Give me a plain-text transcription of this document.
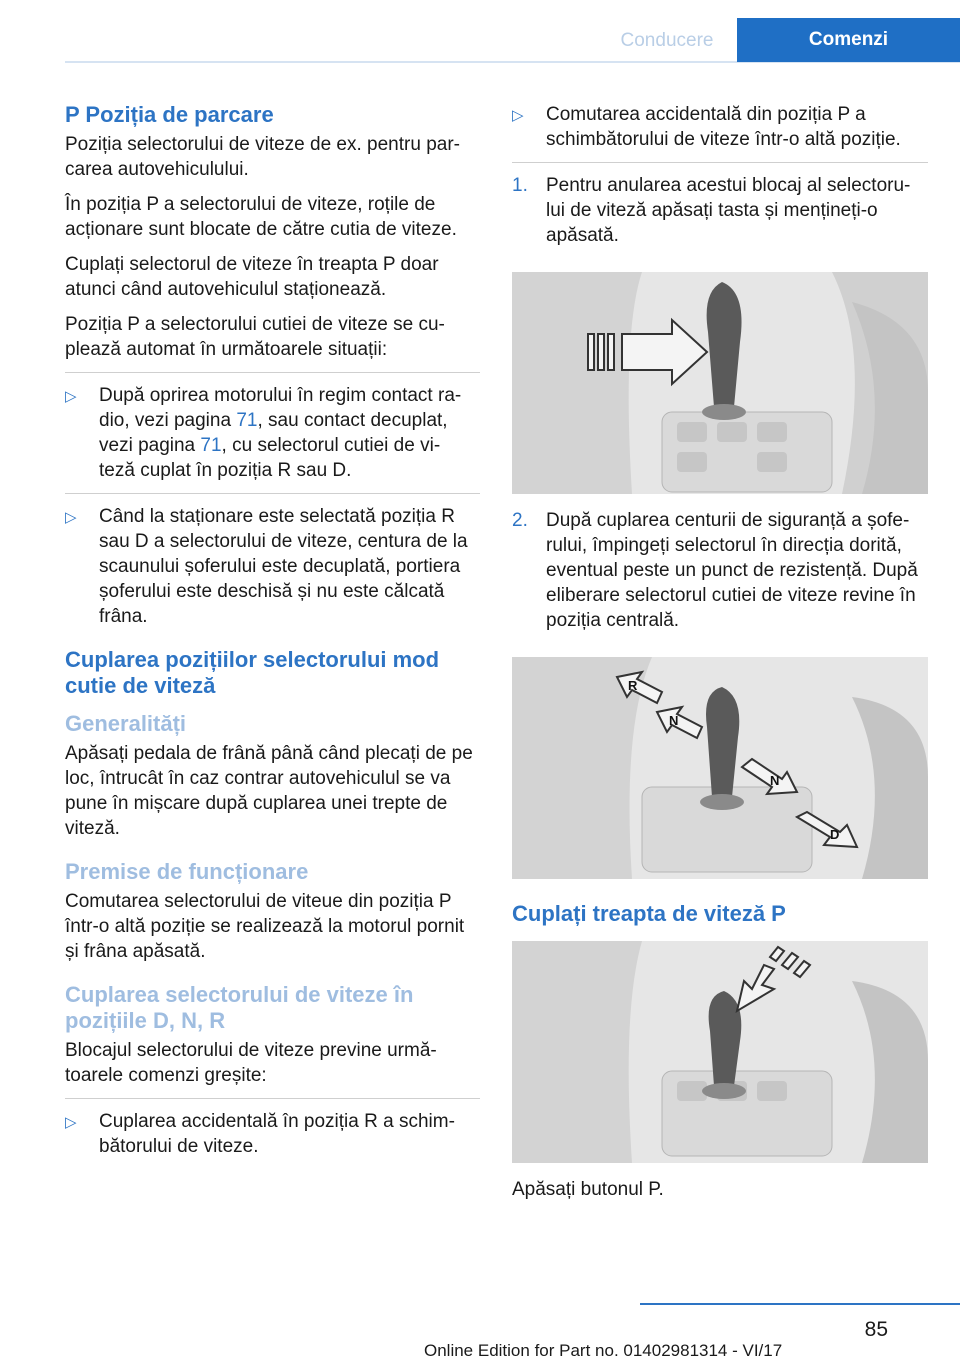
Conducere	Comenzi
P Poziția de parcare
Poziția selectorului de viteze de ex. pentru par‐ carea autovehiculului.
În poziția P a selectorului de viteze, roțile de acționare sunt blocate de către cutia de viteze.
Cuplați selectorul de viteze în treapta P doar atunci când autovehiculul staționează.
Poziția P a selectorului cutiei de viteze se cu‐ plează automat în următoarele situații:
▷	După oprirea motorului în regim contact ra‐ dio, vezi pagina 71, sau contact decuplat, vezi pagina 71, cu selectorul cutiei de vi‐ teză cuplat în poziția R sau D.
▷	Când la staționare este selectată poziția R sau D a selectorului de viteze, centura de la scaunului șoferului este decuplată, portiera șoferului este deschisă și nu este călcată frâna.
Cuplarea pozițiilor selectorului mod cutie de viteză
Generalități
Apăsați pedala de frână până când plecați de pe loc, întrucât în caz contrar autovehiculul se va pune în mișcare după cuplarea unei trepte de viteză.
Premise de funcționare
Comutarea selectorului de viteue din poziția P într-o altă poziție se realizează la motorul pornit și frâna apăsată.
Cuplarea selectorului de viteze în pozițiile D, N, R
Blocajul selectorului de viteze previne urmă‐ toarele comenzi greșite:
▷	Cuplarea accidentală în poziția R a schim‐ bătorului de viteze.
▷	Comutarea accidentală din poziția P a schimbătorului de viteze într-o altă poziție.
1. Pentru anularea acestui blocaj al selectoru‐ lui de viteză apăsați tasta și mențineți-o apăsată.
2. După cuplarea centurii de siguranță a șofe‐ rului, împingeți selectorul în direcția dorită, eventual peste un punct de rezistență. După eliberare selectorul cutiei de viteze revine în poziția centrală.
R
N
N
D
Cuplați treapta de viteză P
Apăsați butonul P.
85
Online Edition for Part no. 01402981314 - VI/17
